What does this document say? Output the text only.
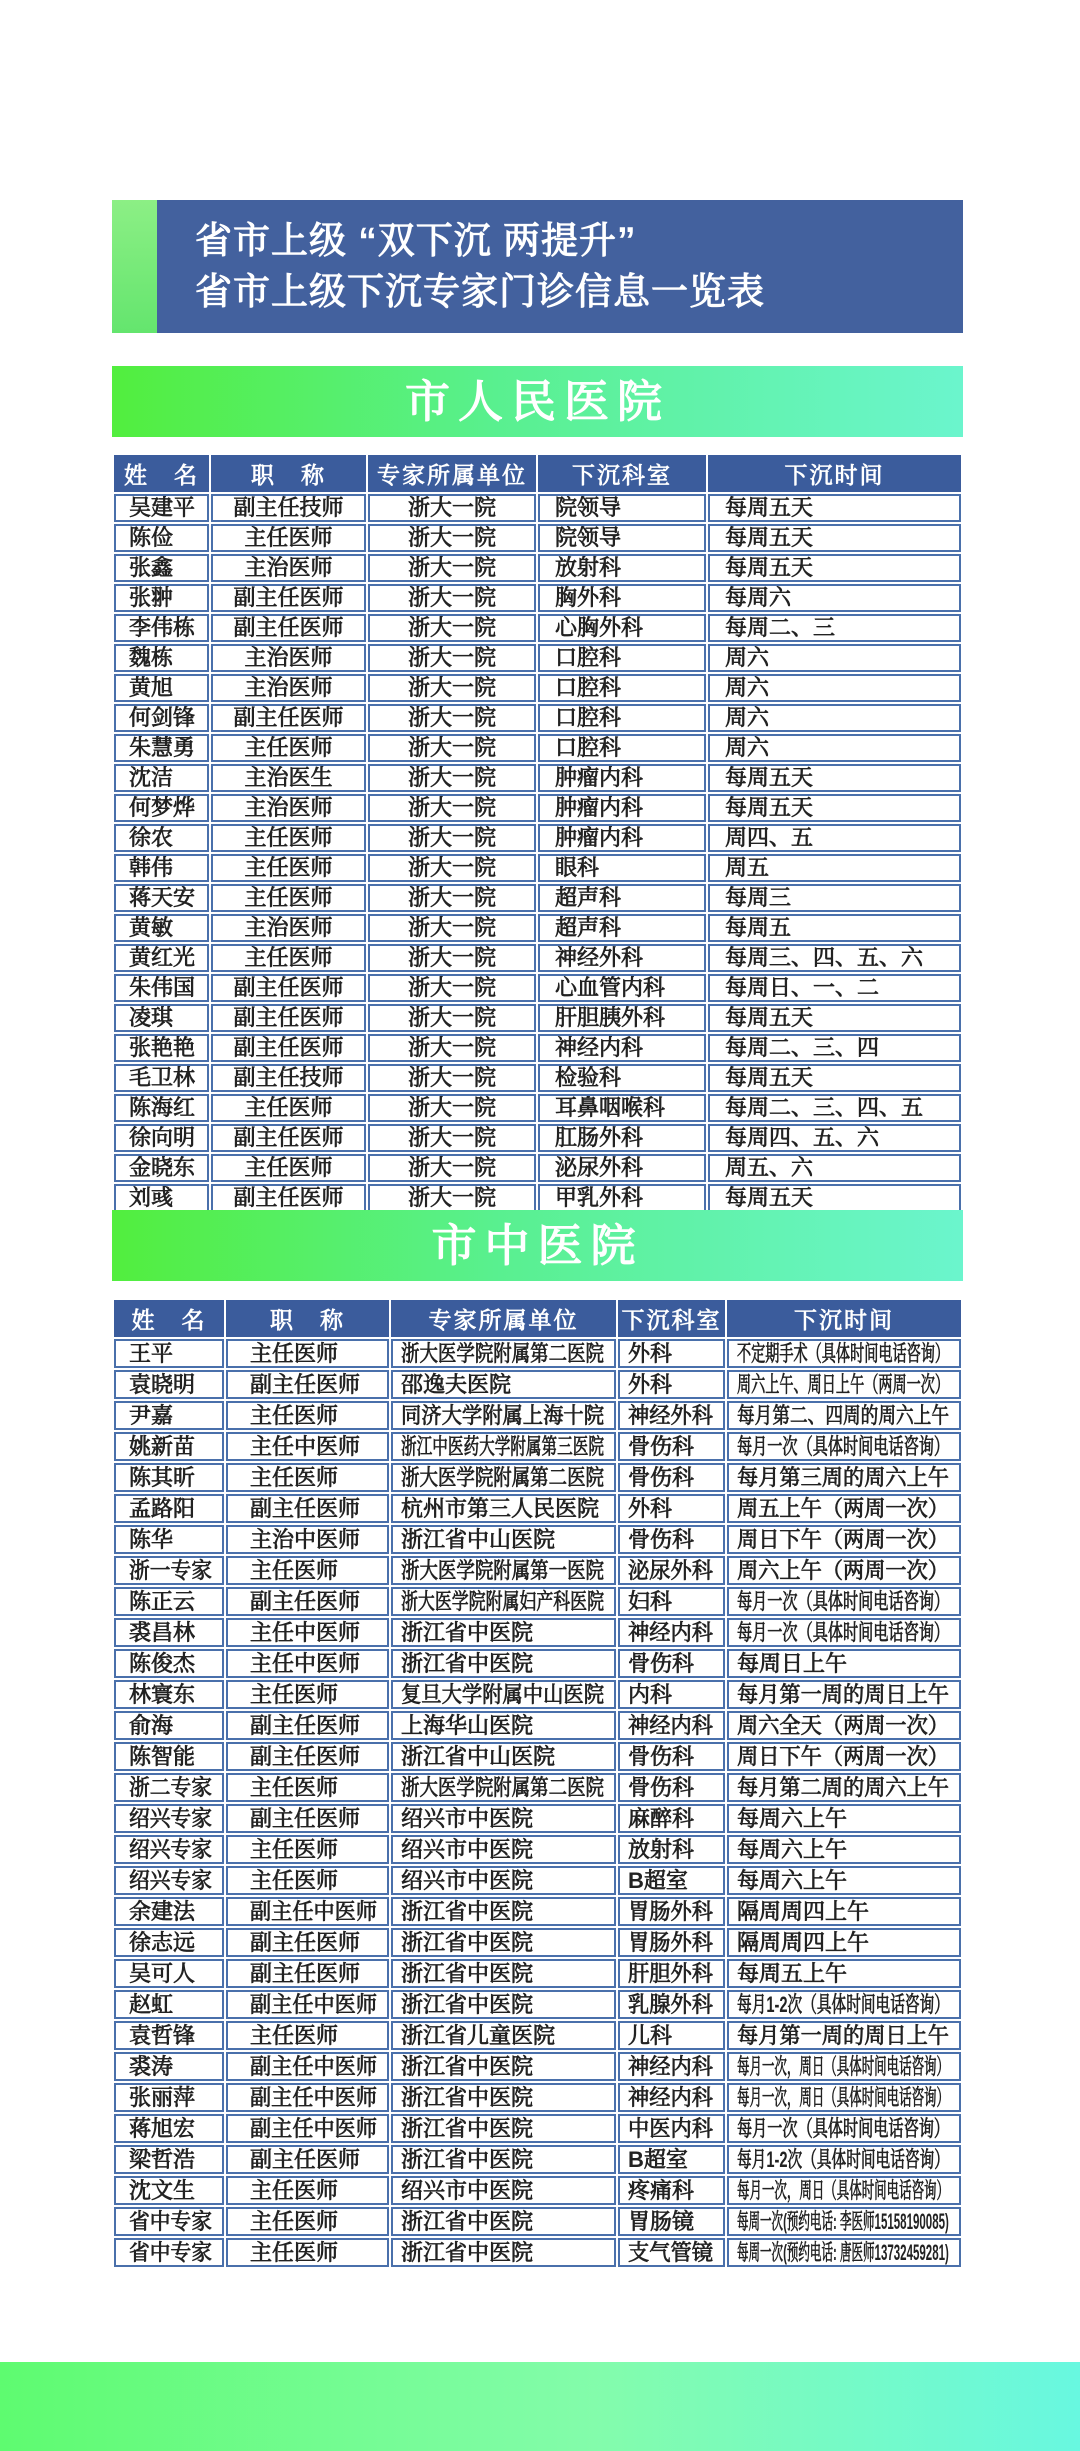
省市上级 “双下沉 两提升”
省市上级下沉专家门诊信息一览表
市人民医院
姓　名	职　称	专家所属单位	下沉科室	下沉时间
吴建平	副主任技师	浙大一院	院领导	每周五天
陈俭	主任医师	浙大一院	院领导	每周五天
张鑫	主治医师	浙大一院	放射科	每周五天
张翀	副主任医师	浙大一院	胸外科	每周六
李伟栋	副主任医师	浙大一院	心胸外科	每周二、三
魏栋	主治医师	浙大一院	口腔科	周六
黄旭	主治医师	浙大一院	口腔科	周六
何剑锋	副主任医师	浙大一院	口腔科	周六
朱慧勇	主任医师	浙大一院	口腔科	周六
沈洁	主治医生	浙大一院	肿瘤内科	每周五天
何梦烨	主治医师	浙大一院	肿瘤内科	每周五天
徐农	主任医师	浙大一院	肿瘤内科	周四、五
韩伟	主任医师	浙大一院	眼科	周五
蒋天安	主任医师	浙大一院	超声科	每周三
黄敏	主治医师	浙大一院	超声科	每周五
黄红光	主任医师	浙大一院	神经外科	每周三、四、五、六
朱伟国	副主任医师	浙大一院	心血管内科	每周日、一、二
凌琪	副主任医师	浙大一院	肝胆胰外科	每周五天
张艳艳	副主任医师	浙大一院	神经内科	每周二、三、四
毛卫林	副主任技师	浙大一院	检验科	每周五天
陈海红	主任医师	浙大一院	耳鼻咽喉科	每周二、三、四、五
徐向明	副主任医师	浙大一院	肛肠外科	每周四、五、六
金晓东	主任医师	浙大一院	泌尿外科	周五、六
刘彧	副主任医师	浙大一院	甲乳外科	每周五天
市中医院
姓　名	职　称	专家所属单位	下沉科室	下沉时间
王平	主任医师	浙大医学院附属第二医院	外科	不定期手术（具体时间电话咨询）
袁晓明	副主任医师	邵逸夫医院	外科	周六上午、周日上午（两周一次）
尹嘉	主任医师	同济大学附属上海十院	神经外科	每月第二、四周的周六上午
姚新苗	主任中医师	浙江中医药大学附属第三医院	骨伤科	每月一次（具体时间电话咨询）
陈其昕	主任医师	浙大医学院附属第二医院	骨伤科	每月第三周的周六上午
孟路阳	副主任医师	杭州市第三人民医院	外科	周五上午（两周一次）
陈华	主治中医师	浙江省中山医院	骨伤科	周日下午（两周一次）
浙一专家	主任医师	浙大医学院附属第一医院	泌尿外科	周六上午（两周一次）
陈正云	副主任医师	浙大医学院附属妇产科医院	妇科	每月一次（具体时间电话咨询）
裘昌林	主任中医师	浙江省中医院	神经内科	每月一次（具体时间电话咨询）
陈俊杰	主任中医师	浙江省中医院	骨伤科	每周日上午
林寰东	主任医师	复旦大学附属中山医院	内科	每月第一周的周日上午
俞海	副主任医师	上海华山医院	神经内科	周六全天（两周一次）
陈智能	副主任医师	浙江省中山医院	骨伤科	周日下午（两周一次）
浙二专家	主任医师	浙大医学院附属第二医院	骨伤科	每月第二周的周六上午
绍兴专家	副主任医师	绍兴市中医院	麻醉科	每周六上午
绍兴专家	主任医师	绍兴市中医院	放射科	每周六上午
绍兴专家	主任医师	绍兴市中医院	B超室	每周六上午
余建法	副主任中医师	浙江省中医院	胃肠外科	隔周周四上午
徐志远	副主任医师	浙江省中医院	胃肠外科	隔周周四上午
吴可人	副主任医师	浙江省中医院	肝胆外科	每周五上午
赵虹	副主任中医师	浙江省中医院	乳腺外科	每月1-2次（具体时间电话咨询）
袁哲锋	主任医师	浙江省儿童医院	儿科	每月第一周的周日上午
裘涛	副主任中医师	浙江省中医院	神经内科	每月一次，周日（具体时间电话咨询）
张丽萍	副主任中医师	浙江省中医院	神经内科	每月一次，周日（具体时间电话咨询）
蒋旭宏	副主任中医师	浙江省中医院	中医内科	每月一次（具体时间电话咨询）
梁哲浩	副主任医师	浙江省中医院	B超室	每月1-2次（具体时间电话咨询）
沈文生	主任医师	绍兴市中医院	疼痛科	每月一次，周日（具体时间电话咨询）
省中专家	主任医师	浙江省中医院	胃肠镜	每周一次(预约电话: 李医师15158190085)
省中专家	主任医师	浙江省中医院	支气管镜	每周一次(预约电话: 唐医师13732459281)
